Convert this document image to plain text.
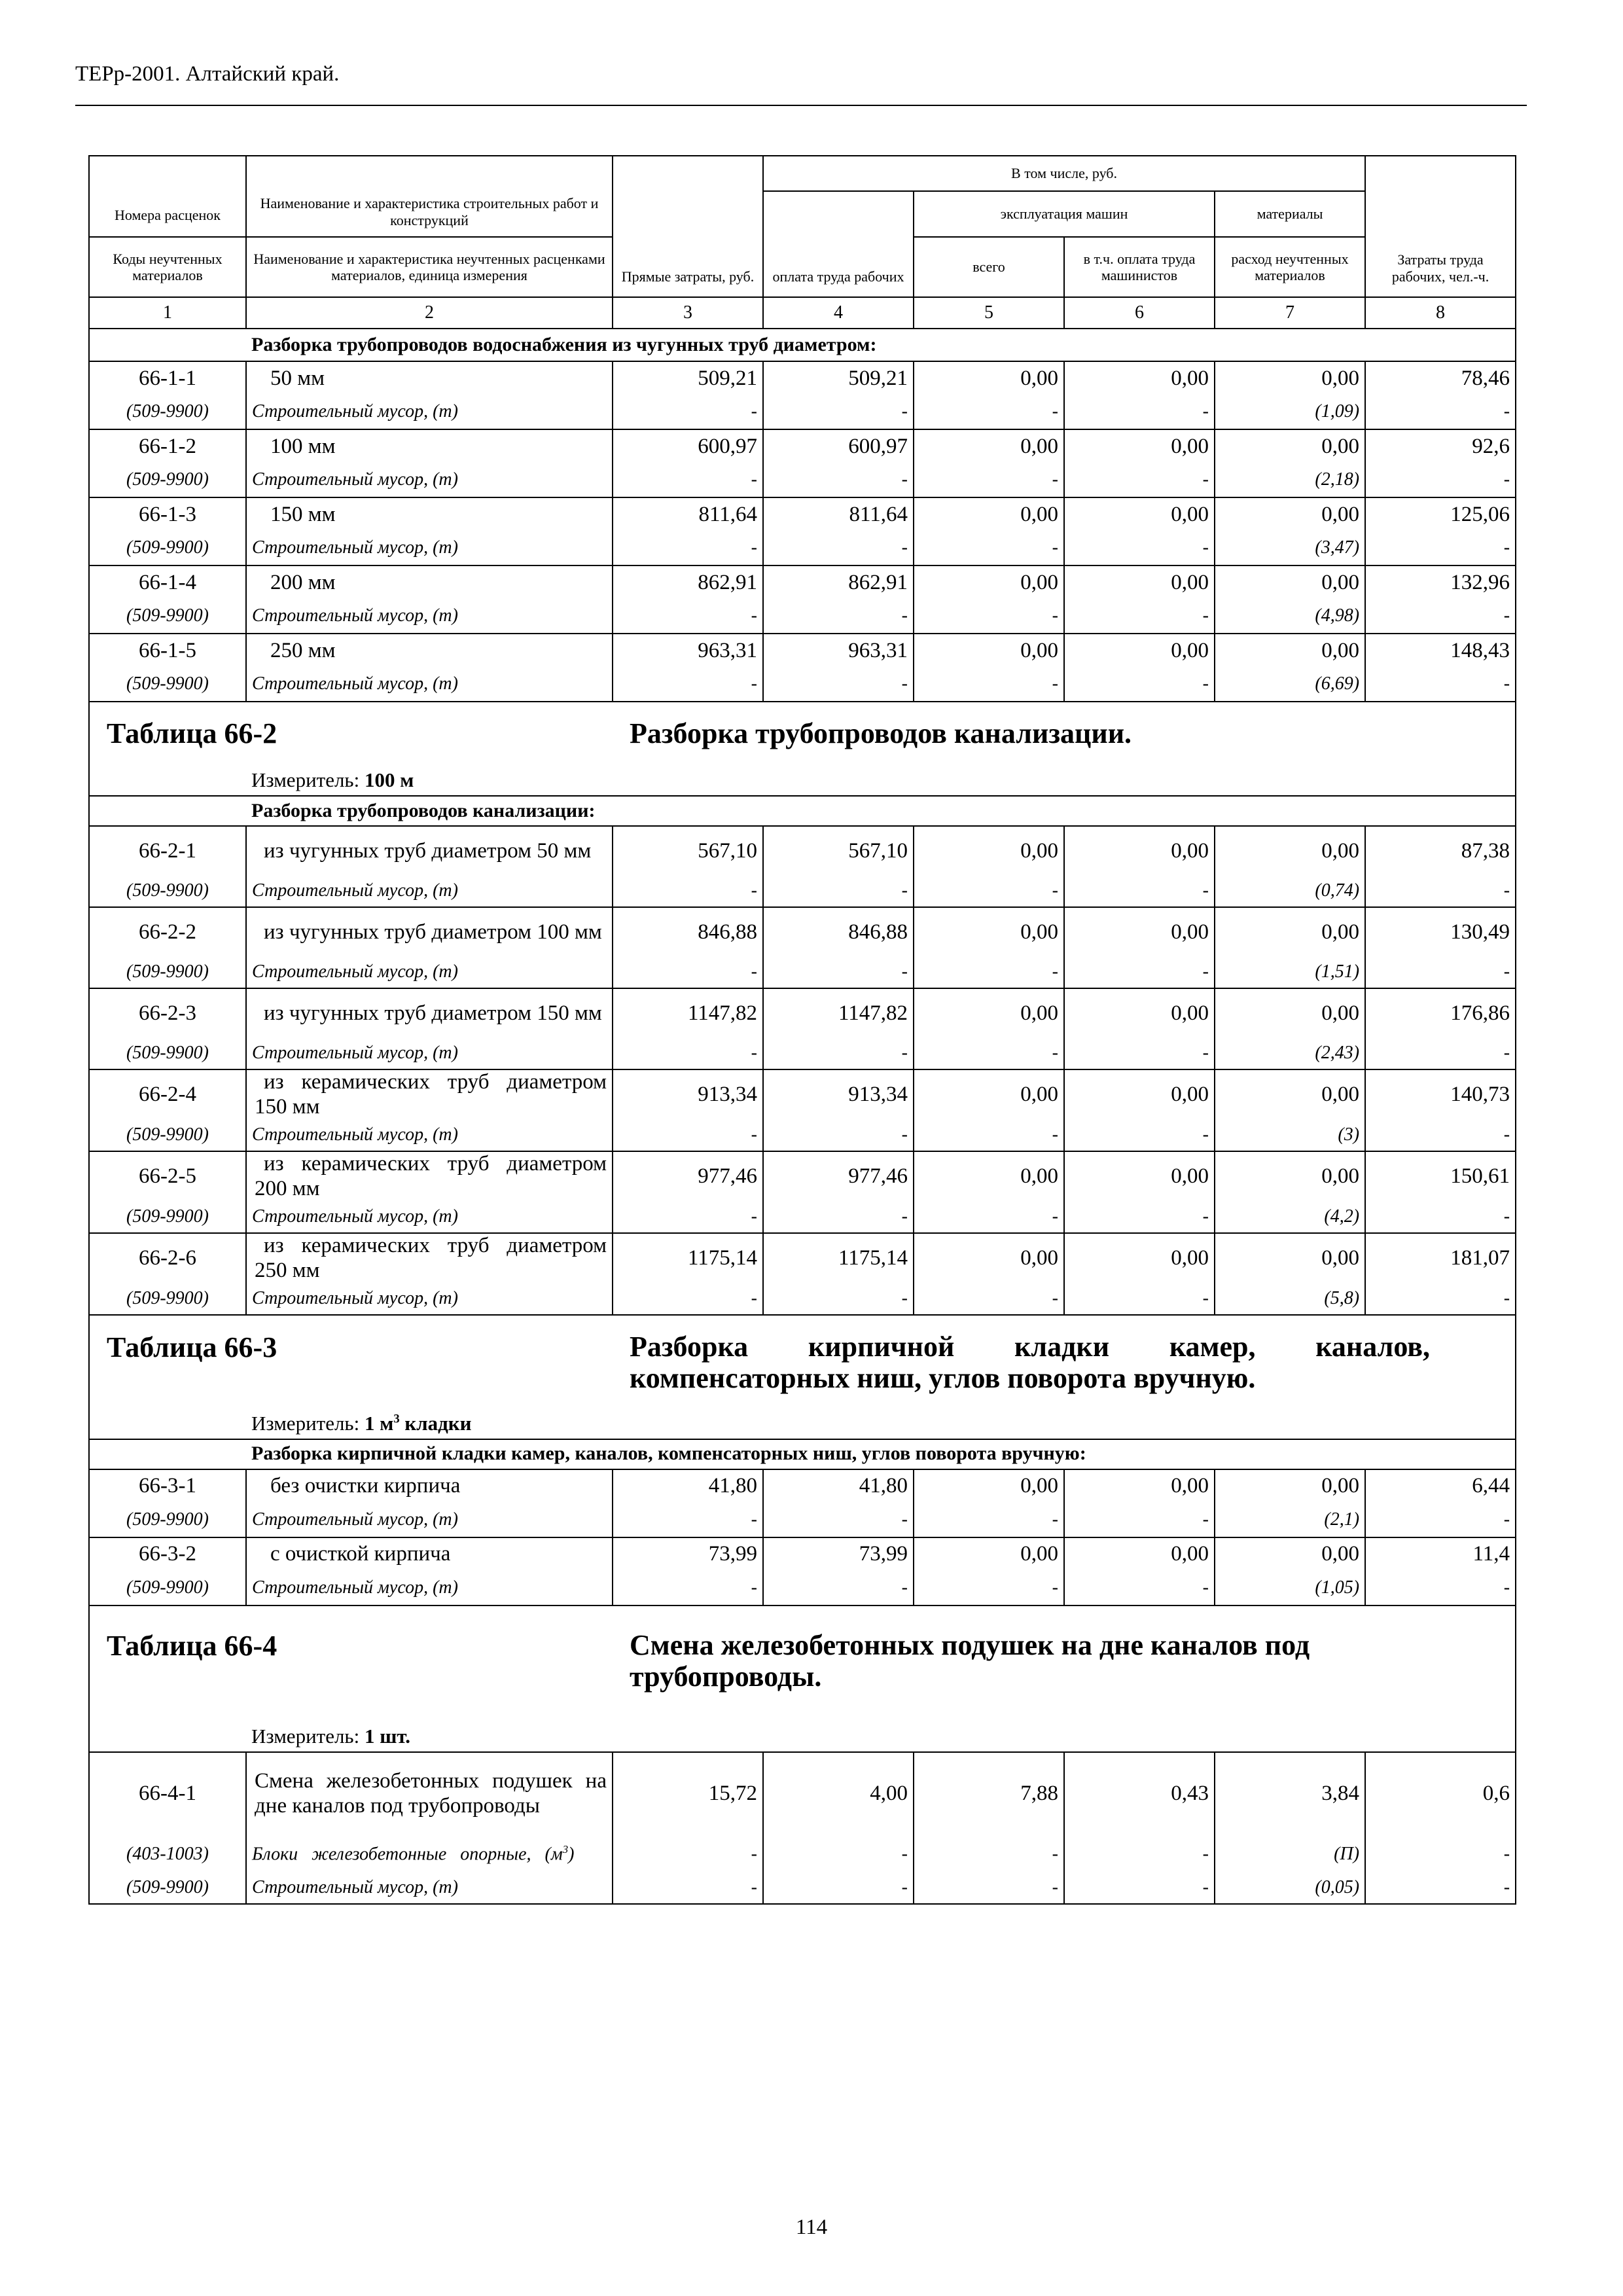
ТЕРр-2001. Алтайский край.
Номера расценок	Наименование и характеристика строительных работ и конструкций	Прямые затраты, руб.	В том числе, руб.				Затраты труда рабочих, чел.-ч.
			оплата труда рабочих	эксплуатация машин		материалы	

Коды неучтенных материалов	Наименование и характеристика неучтенных расценками материалов, единица измерения			всего	в т.ч. оплата труда машинистов	расход неучтенных материалов	

1	2	3	4	5	6	7	8
	Разборка трубопроводов водоснабжения из чугунных труб диаметром:						
66-1-1	50 мм	509,21	509,21	0,00	0,00	0,00	78,46
(509-9900)	Строительный мусор, (т)	-	-	-	-	(1,09)	-
66-1-2	100 мм	600,97	600,97	0,00	0,00	0,00	92,6
(509-9900)	Строительный мусор, (т)	-	-	-	-	(2,18)	-
66-1-3	150 мм	811,64	811,64	0,00	0,00	0,00	125,06
(509-9900)	Строительный мусор, (т)	-	-	-	-	(3,47)	-
66-1-4	200 мм	862,91	862,91	0,00	0,00	0,00	132,96
(509-9900)	Строительный мусор, (т)	-	-	-	-	(4,98)	-
66-1-5	250 мм	963,31	963,31	0,00	0,00	0,00	148,43
(509-9900)	Строительный мусор, (т)	-	-	-	-	(6,69)	-
Таблица 66-2		Разборка трубопроводов канализации.					
	Измеритель: 100 м						
	Разборка трубопроводов канализации:						
66-2-1	из чугунных труб диаметром 50 мм	567,10	567,10	0,00	0,00	0,00	87,38
(509-9900)	Строительный мусор, (т)	-	-	-	-	(0,74)	-
66-2-2	из чугунных труб диаметром 100 мм	846,88	846,88	0,00	0,00	0,00	130,49
(509-9900)	Строительный мусор, (т)	-	-	-	-	(1,51)	-
66-2-3	из чугунных труб диаметром 150 мм	1147,82	1147,82	0,00	0,00	0,00	176,86
(509-9900)	Строительный мусор, (т)	-	-	-	-	(2,43)	-
66-2-4	из керамических труб диаметром 150 мм	913,34	913,34	0,00	0,00	0,00	140,73
(509-9900)	Строительный мусор, (т)	-	-	-	-	(3)	-
66-2-5	из керамических труб диаметром 200 мм	977,46	977,46	0,00	0,00	0,00	150,61
(509-9900)	Строительный мусор, (т)	-	-	-	-	(4,2)	-
66-2-6	из керамических труб диаметром 250 мм	1175,14	1175,14	0,00	0,00	0,00	181,07
(509-9900)	Строительный мусор, (т)	-	-	-	-	(5,8)	-
Таблица 66-3		Разборка кирпичной кладки камер, каналов, компенсаторных ниш, углов поворота вручную.					
	Измеритель: 1 $м^3$ кладки						
	Разборка кирпичной кладки камер, каналов, компенсаторных ниш, углов поворота вручную:						
66-3-1	без очистки кирпича	41,80	41,80	0,00	0,00	0,00	6,44
(509-9900)	Строительный мусор, (т)	-	-	-	-	(2,1)	-
66-3-2	с очисткой кирпича	73,99	73,99	0,00	0,00	0,00	11,4
(509-9900)	Строительный мусор, (т)	-	-	-	-	(1,05)	-
Таблица 66-4		Смена железобетонных подушек на дне каналов под трубопроводы.					
	Измеритель: 1 шт.						
66-4-1	Смена железобетонных подушек на дне каналов под трубопроводы	15,72	4,00	7,88	0,43	3,84	0,6
(403-1003)	Блоки железобетонные опорные, $(м^3)$	-	-	-	-	(П)	-
(509-9900)	Строительный мусор, (т)	-	-	-	-	(0,05)	-
114
